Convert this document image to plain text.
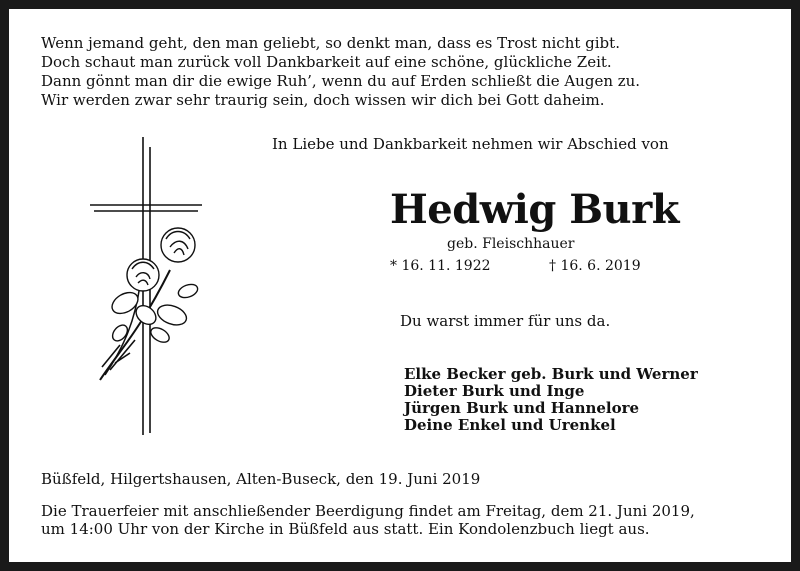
Wenn jemand geht, den man geliebt, so denkt man, dass es Trost nicht gibt.
Doch schaut man zurück voll Dankbarkeit auf eine schöne, glückliche Zeit.
Dann gönnt man dir die ewige Ruh’, wenn du auf Erden schließt die Augen zu.
Wir werden zwar sehr traurig sein, doch wissen wir dich bei Gott daheim.
In Liebe und Dankbarkeit nehmen wir Abschied von
Hedwig Burk
geb. Fleischhauer
* 16. 11. 1922	† 16. 6. 2019
Du warst immer für uns da.
Elke Becker geb. Burk und Werner
Dieter Burk und Inge
Jürgen Burk und Hannelore
Deine Enkel und Urenkel
Büßfeld, Hilgertshausen, Alten-Buseck, den 19. Juni 2019
Die Trauerfeier mit anschließender Beerdigung findet am Freitag, dem 21. Juni 2019,
um 14:00 Uhr von der Kirche in Büßfeld aus statt. Ein Kondolenzbuch liegt aus.
